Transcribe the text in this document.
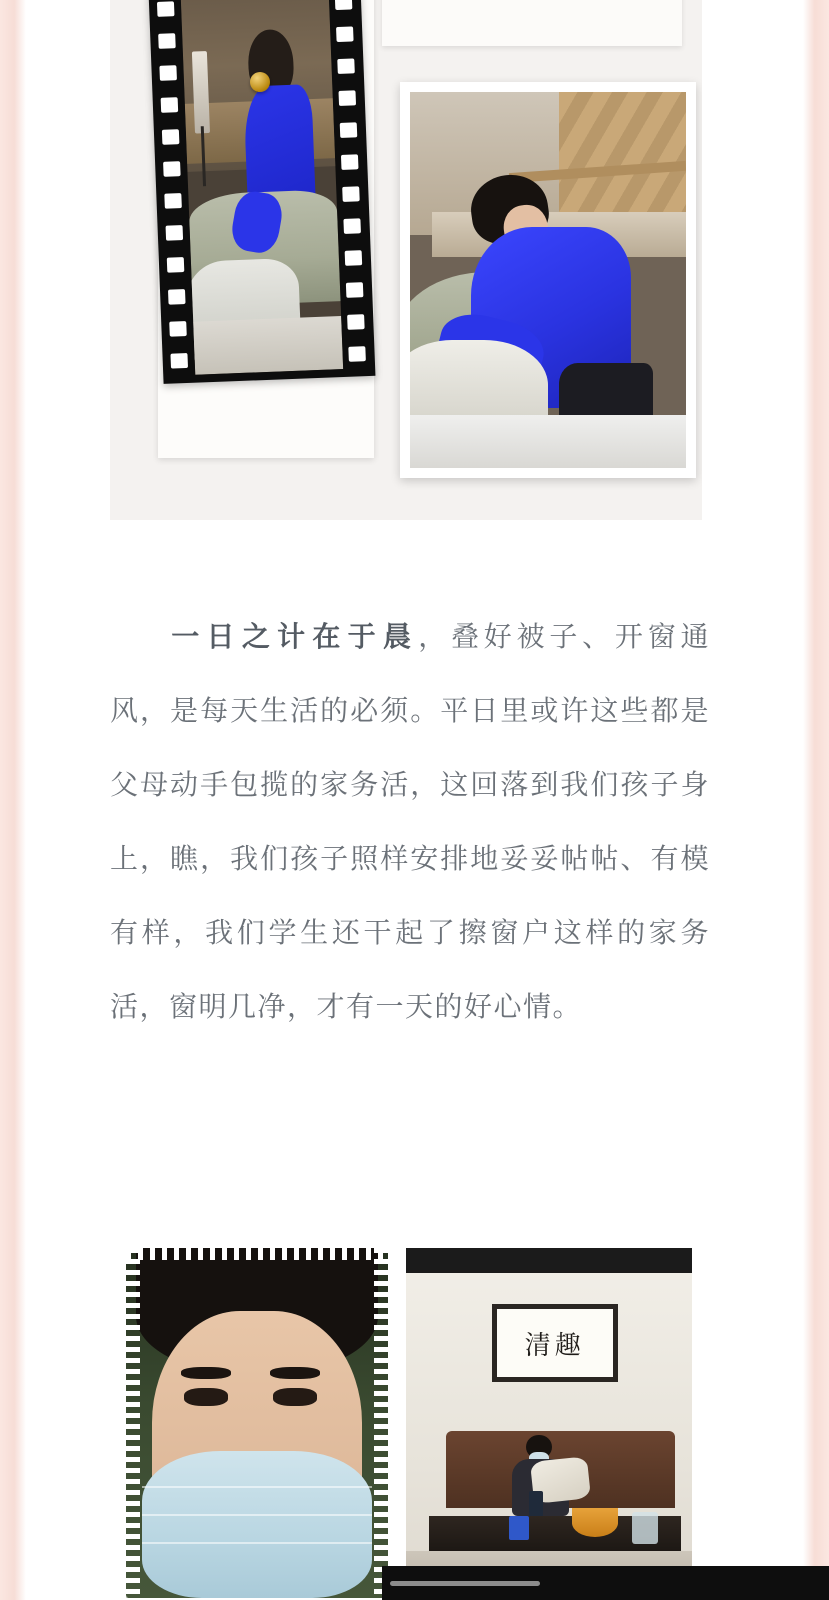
一日之计在于晨，叠好被子、开窗通风，是每天生活的必须。平日里或许这些都是父母动手包揽的家务活，这回落到我们孩子身上，瞧，我们孩子照样安排地妥妥帖帖、有模有样，我们学生还干起了擦窗户这样的家务活，窗明几净，才有一天的好心情。
清趣
